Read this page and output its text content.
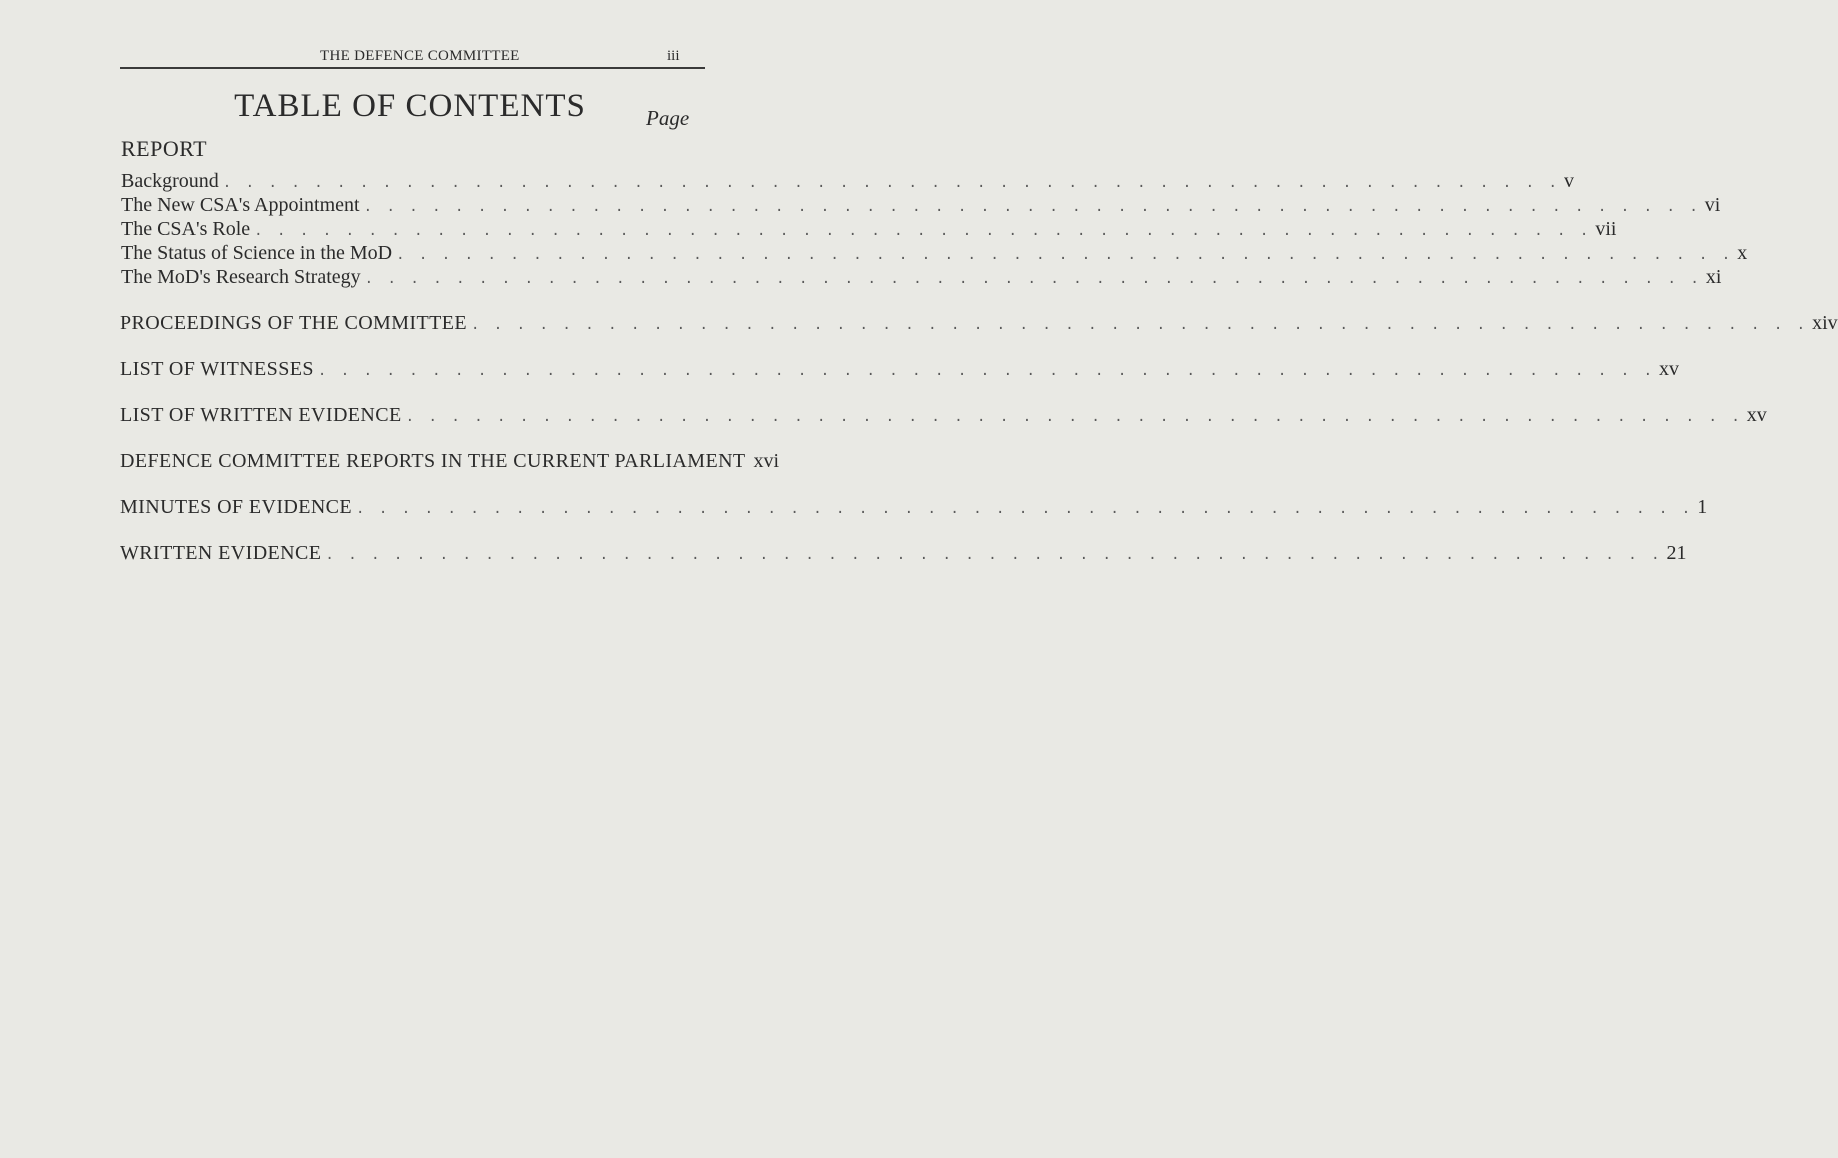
THE DEFENCE COMMITTEE	iii
TABLE OF CONTENTS	Page
REPORT
Background . . . . . . . . . . . . . . . . . . . . . . . . . . . . . . . . . . . . . . . . . . . . . . . . . . . . . . . . . . . v
The New CSA's Appointment . . . . . . . . . . . . . . . . . . . . . . . . . . . . . . . . . . . . . . . . . . . . . . . . . . . . . . . . . . . vi
The CSA's Role . . . . . . . . . . . . . . . . . . . . . . . . . . . . . . . . . . . . . . . . . . . . . . . . . . . . . . . . . . . vii
The Status of Science in the MoD . . . . . . . . . . . . . . . . . . . . . . . . . . . . . . . . . . . . . . . . . . . . . . . . . . . . . . . . . . . x
The MoD's Research Strategy . . . . . . . . . . . . . . . . . . . . . . . . . . . . . . . . . . . . . . . . . . . . . . . . . . . . . . . . . . . xi
PROCEEDINGS OF THE COMMITTEE . . . . . . . . . . . . . . . . . . . . . . . . . . . . . . . . . . . . . . . . . . . . . . . . . . . . . . . . . . . xiv
LIST OF WITNESSES . . . . . . . . . . . . . . . . . . . . . . . . . . . . . . . . . . . . . . . . . . . . . . . . . . . . . . . . . . . xv
LIST OF WRITTEN EVIDENCE . . . . . . . . . . . . . . . . . . . . . . . . . . . . . . . . . . . . . . . . . . . . . . . . . . . . . . . . . . . xv
DEFENCE COMMITTEE REPORTS IN THE CURRENT PARLIAMENT xvi
MINUTES OF EVIDENCE . . . . . . . . . . . . . . . . . . . . . . . . . . . . . . . . . . . . . . . . . . . . . . . . . . . . . . . . . . . 1
WRITTEN EVIDENCE . . . . . . . . . . . . . . . . . . . . . . . . . . . . . . . . . . . . . . . . . . . . . . . . . . . . . . . . . . . 21
